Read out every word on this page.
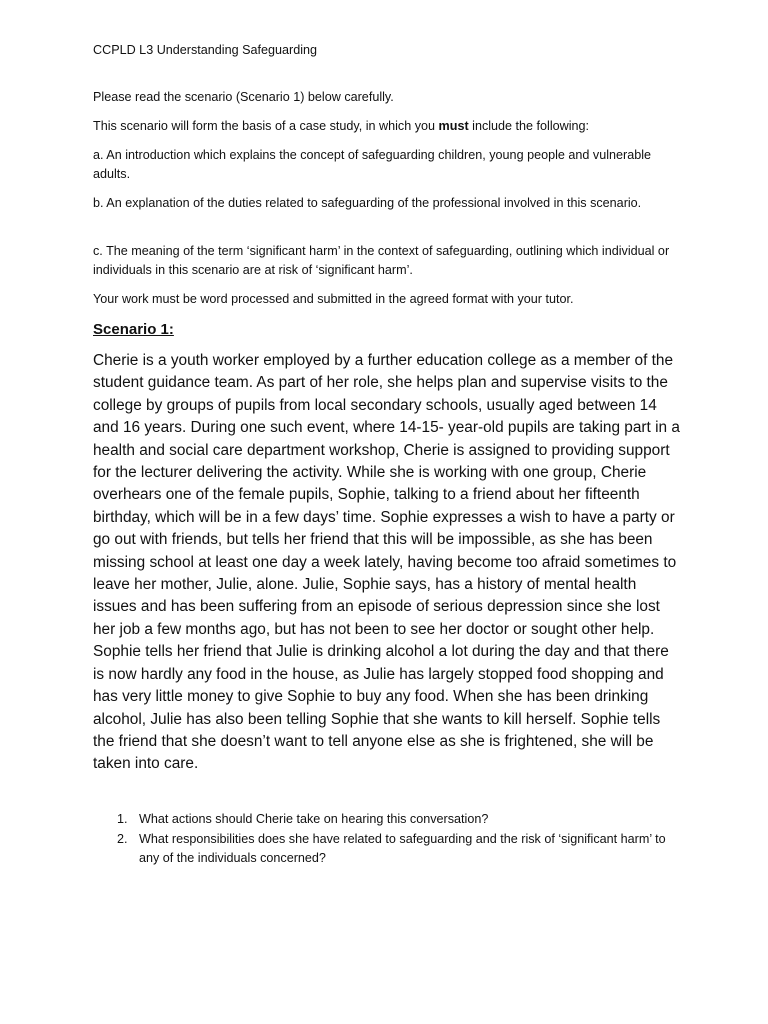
CCPLD L3 Understanding Safeguarding

Please read the scenario (Scenario 1) below carefully.

This scenario will form the basis of a case study, in which you must include the following:

a. An introduction which explains the concept of safeguarding children, young people and vulnerable adults.

b. An explanation of the duties related to safeguarding of the professional involved in this scenario.

c. The meaning of the term ‘significant harm’ in the context of safeguarding, outlining which individual or individuals in this scenario are at risk of ‘significant harm’.

Your work must be word processed and submitted in the agreed format with your tutor.

Scenario 1:

Cherie is a youth worker employed by a further education college as a member of the student guidance team. As part of her role, she helps plan and supervise visits to the college by groups of pupils from local secondary schools, usually aged between 14 and 16 years. During one such event, where 14-15- year-old pupils are taking part in a health and social care department workshop, Cherie is assigned to providing support for the lecturer delivering the activity. While she is working with one group, Cherie overhears one of the female pupils, Sophie, talking to a friend about her fifteenth birthday, which will be in a few days’ time. Sophie expresses a wish to have a party or go out with friends, but tells her friend that this will be impossible, as she has been missing school at least one day a week lately, having become too afraid sometimes to leave her mother, Julie, alone. Julie, Sophie says, has a history of mental health issues and has been suffering from an episode of serious depression since she lost her job a few months ago, but has not been to see her doctor or sought other help. Sophie tells her friend that Julie is drinking alcohol a lot during the day and that there is now hardly any food in the house, as Julie has largely stopped food shopping and has very little money to give Sophie to buy any food. When she has been drinking alcohol, Julie has also been telling Sophie that she wants to kill herself. Sophie tells the friend that she doesn’t want to tell anyone else as she is frightened, she will be taken into care.

1. What actions should Cherie take on hearing this conversation?
2. What responsibilities does she have related to safeguarding and the risk of ‘significant harm’ to any of the individuals concerned?
